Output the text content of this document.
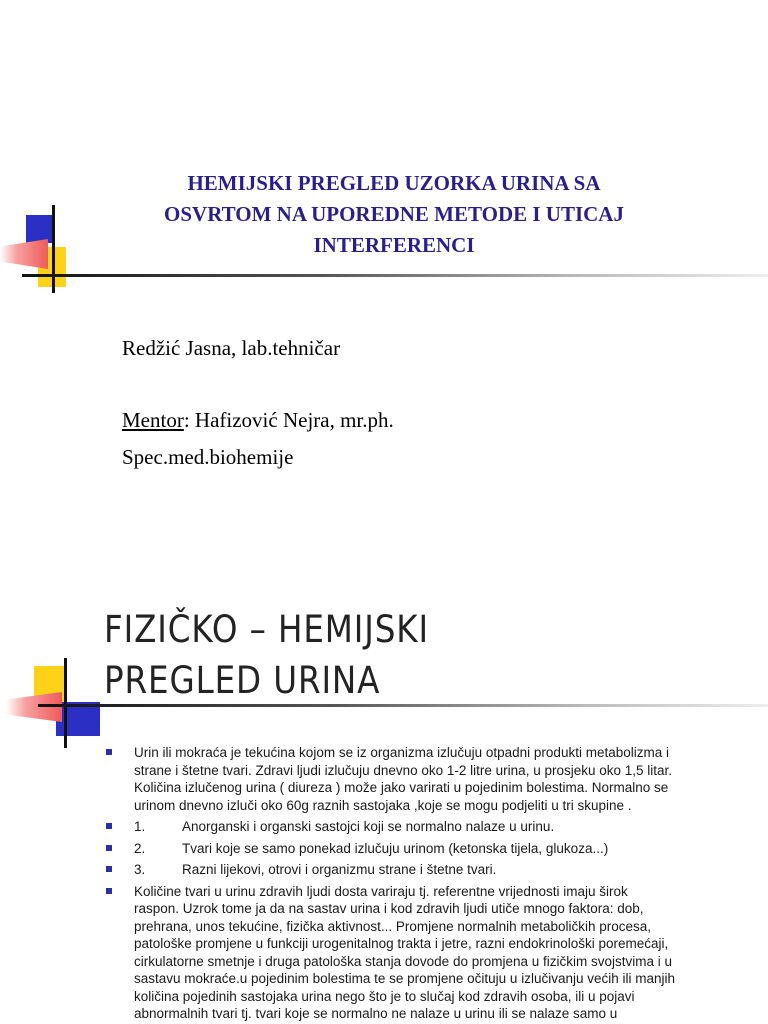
HEMIJSKI PREGLED UZORKA URINA SA
OSVRTOM NA UPOREDNE METODE I UTICAJ
INTERFERENCI
Redžić Jasna, lab.tehničar
Mentor: Hafizović Nejra, mr.ph.
Spec.med.biohemije
FIZIČKO – HEMIJSKI
PREGLED URINA
Urin ili mokraća je tekućina kojom se iz organizma izlučuju otpadni produkti metabolizma i
strane i štetne tvari. Zdravi ljudi izlučuju dnevno oko 1-2 litre urina, u prosjeku oko 1,5 litar.
Količina izlučenog urina ( diureza ) može jako varirati u pojedinim bolestima. Normalno se
urinom dnevno izluči oko 60g raznih sastojaka ,koje se mogu podjeliti u tri skupine .
1.	Anorganski i organski sastojci koji se normalno nalaze u urinu.
2.	Tvari koje se samo ponekad izlučuju urinom (ketonska tijela, glukoza...)
3.	Razni lijekovi, otrovi i organizmu strane i štetne tvari.
Količine tvari u urinu zdravih ljudi dosta variraju tj. referentne vrijednosti imaju širok
raspon. Uzrok tome ja da na sastav urina i kod zdravih ljudi utiče mnogo faktora: dob,
prehrana, unos tekućine, fizička aktivnost... Promjene normalnih metaboličkih procesa,
patološke promjene u funkciji urogenitalnog trakta i jetre, razni endokrinološki poremećaji,
cirkulatorne smetnje i druga patološka stanja dovode do promjena u fizičkim svojstvima i u
sastavu mokraće.u pojedinim bolestima te se promjene očituju u izlučivanju većih ili manjih
količina pojedinih sastojaka urina nego što je to slučaj kod zdravih osoba, ili u pojavi
abnormalnih tvari tj. tvari koje se normalno ne nalaze u urinu ili se nalaze samo u
